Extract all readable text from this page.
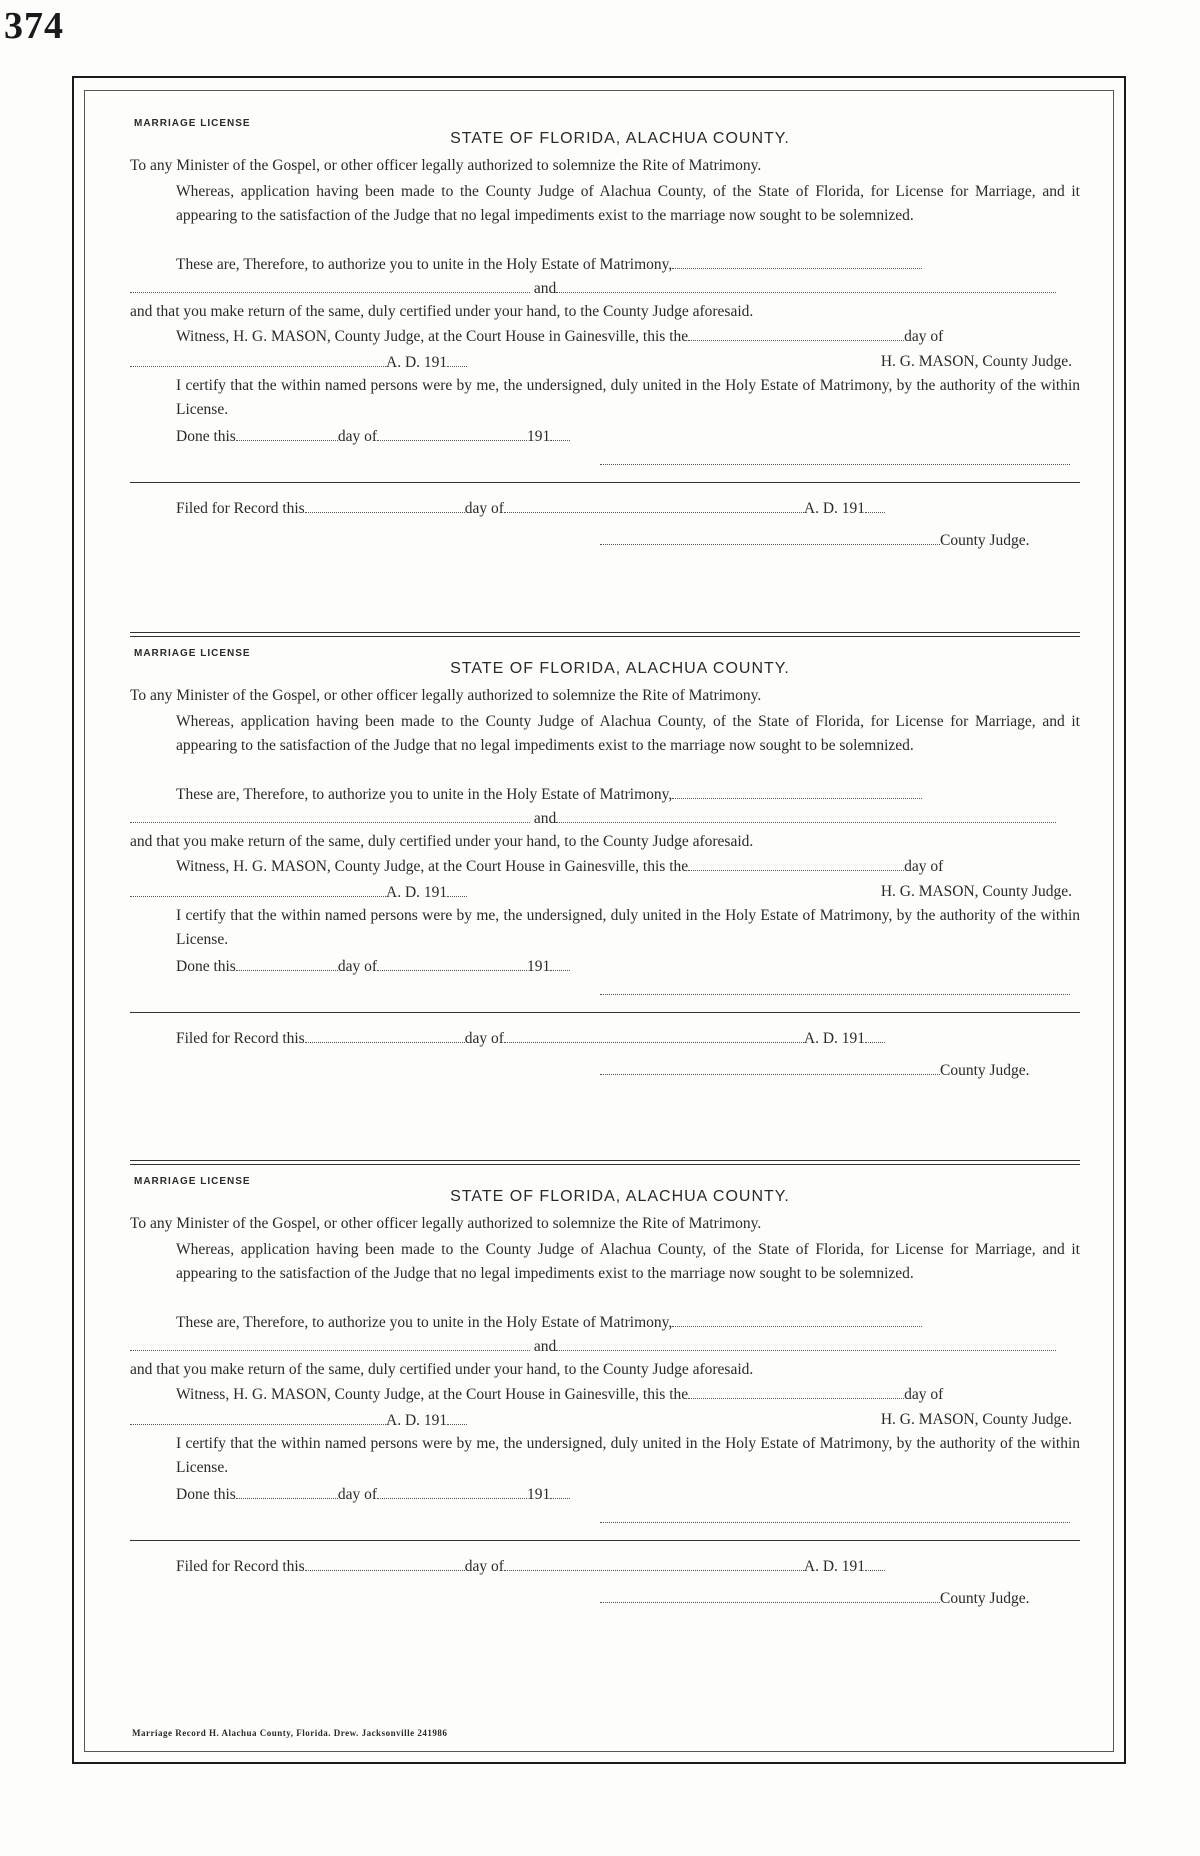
374
MARRIAGE LICENSE
STATE OF FLORIDA, ALACHUA COUNTY.
To any Minister of the Gospel, or other officer legally authorized to solemnize the Rite of Matrimony.
Whereas, application having been made to the County Judge of Alachua County, of the State of Florida, for License for Marriage, and it appearing to the satisfaction of the Judge that no legal impediments exist to the marriage now sought to be solemnized.
These are, Therefore, to authorize you to unite in the Holy Estate of Matrimony,
and
and that you make return of the same, duly certified under your hand, to the County Judge aforesaid.
Witness, H. G. MASON, County Judge, at the Court House in Gainesville, this the	day of
A. D. 191	H. G. MASON, County Judge.
I certify that the within named persons were by me, the undersigned, duly united in the Holy Estate of Matrimony, by the authority of the within License.
Done this	day of	191
Filed for Record this	day of	A. D. 191
County Judge.
MARRIAGE LICENSE
STATE OF FLORIDA, ALACHUA COUNTY.
To any Minister of the Gospel, or other officer legally authorized to solemnize the Rite of Matrimony.
Whereas, application having been made to the County Judge of Alachua County, of the State of Florida, for License for Marriage, and it appearing to the satisfaction of the Judge that no legal impediments exist to the marriage now sought to be solemnized.
These are, Therefore, to authorize you to unite in the Holy Estate of Matrimony,
and
and that you make return of the same, duly certified under your hand, to the County Judge aforesaid.
Witness, H. G. MASON, County Judge, at the Court House in Gainesville, this the	day of
A. D. 191	H. G. MASON, County Judge.
I certify that the within named persons were by me, the undersigned, duly united in the Holy Estate of Matrimony, by the authority of the within License.
Done this	day of	191
Filed for Record this	day of	A. D. 191
County Judge.
MARRIAGE LICENSE
STATE OF FLORIDA, ALACHUA COUNTY.
To any Minister of the Gospel, or other officer legally authorized to solemnize the Rite of Matrimony.
Whereas, application having been made to the County Judge of Alachua County, of the State of Florida, for License for Marriage, and it appearing to the satisfaction of the Judge that no legal impediments exist to the marriage now sought to be solemnized.
These are, Therefore, to authorize you to unite in the Holy Estate of Matrimony,
and
and that you make return of the same, duly certified under your hand, to the County Judge aforesaid.
Witness, H. G. MASON, County Judge, at the Court House in Gainesville, this the	day of
A. D. 191	H. G. MASON, County Judge.
I certify that the within named persons were by me, the undersigned, duly united in the Holy Estate of Matrimony, by the authority of the within License.
Done this	day of	191
Filed for Record this	day of	A. D. 191
County Judge.
Marriage Record H. Alachua County, Florida. Drew. Jacksonville 241986
